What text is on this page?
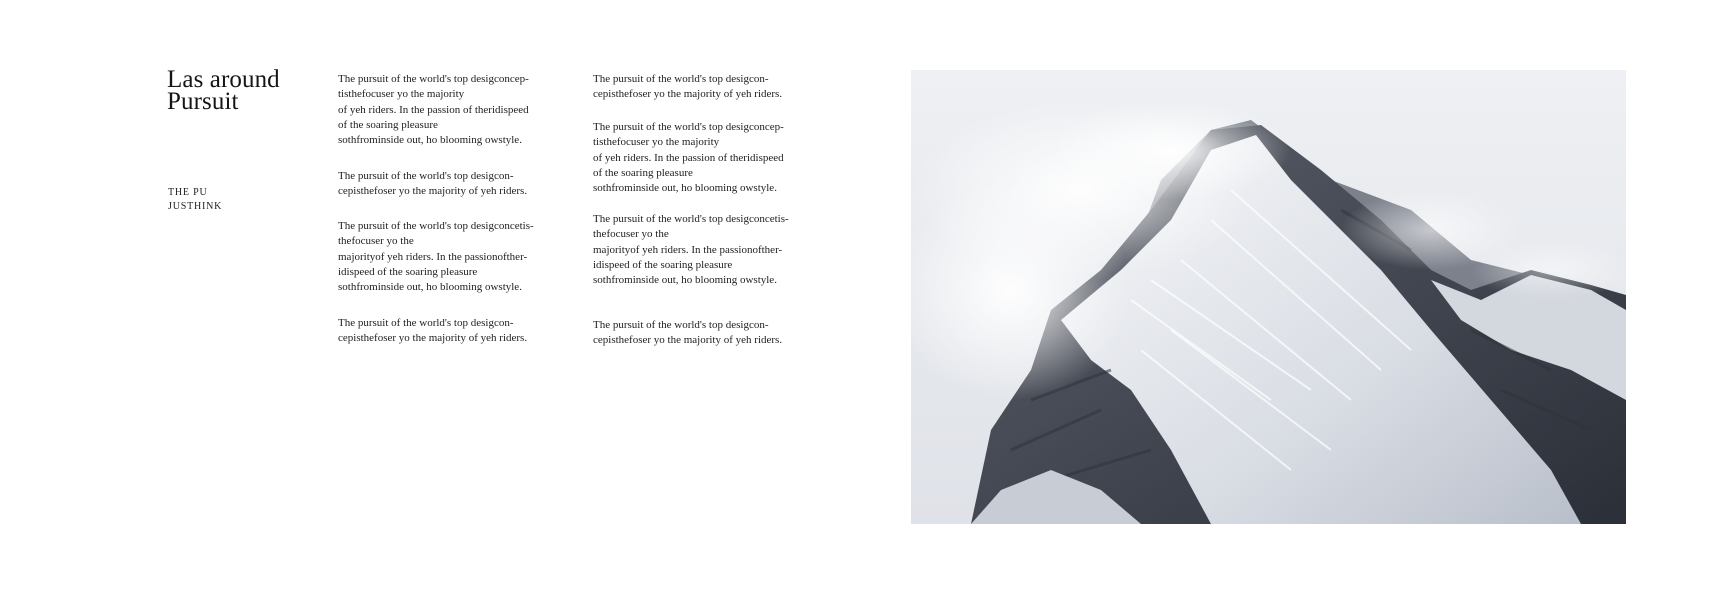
Las around
Pursuit
THE PU
JUSTHINK

The pursuit of the world's top desigconcep-
tisthefocuser yo the majority
of yeh riders. In the passion of theridispeed
of the soaring pleasure
sothfrominside out, ho blooming owstyle.

The pursuit of the world's top desigcon-
cepisthefoser yo the majority of yeh riders.

The pursuit of the world's top desigconcetis-
thefocuser yo the
majorityof yeh riders. In the passionofther-
idispeed of the soaring pleasure
sothfrominside out, ho blooming owstyle.

The pursuit of the world's top desigcon-
cepisthefoser yo the majority of yeh riders.

The pursuit of the world's top desigcon-
cepisthefoser yo the majority of yeh riders.

The pursuit of the world's top desigconcep-
tisthefocuser yo the majority
of yeh riders. In the passion of theridispeed
of the soaring pleasure
sothfrominside out, ho blooming owstyle.

The pursuit of the world's top desigconcetis-
thefocuser yo the
majorityof yeh riders. In the passionofther-
idispeed of the soaring pleasure
sothfrominside out, ho blooming owstyle.

The pursuit of the world's top desigcon-
cepisthefoser yo the majority of yeh riders.
